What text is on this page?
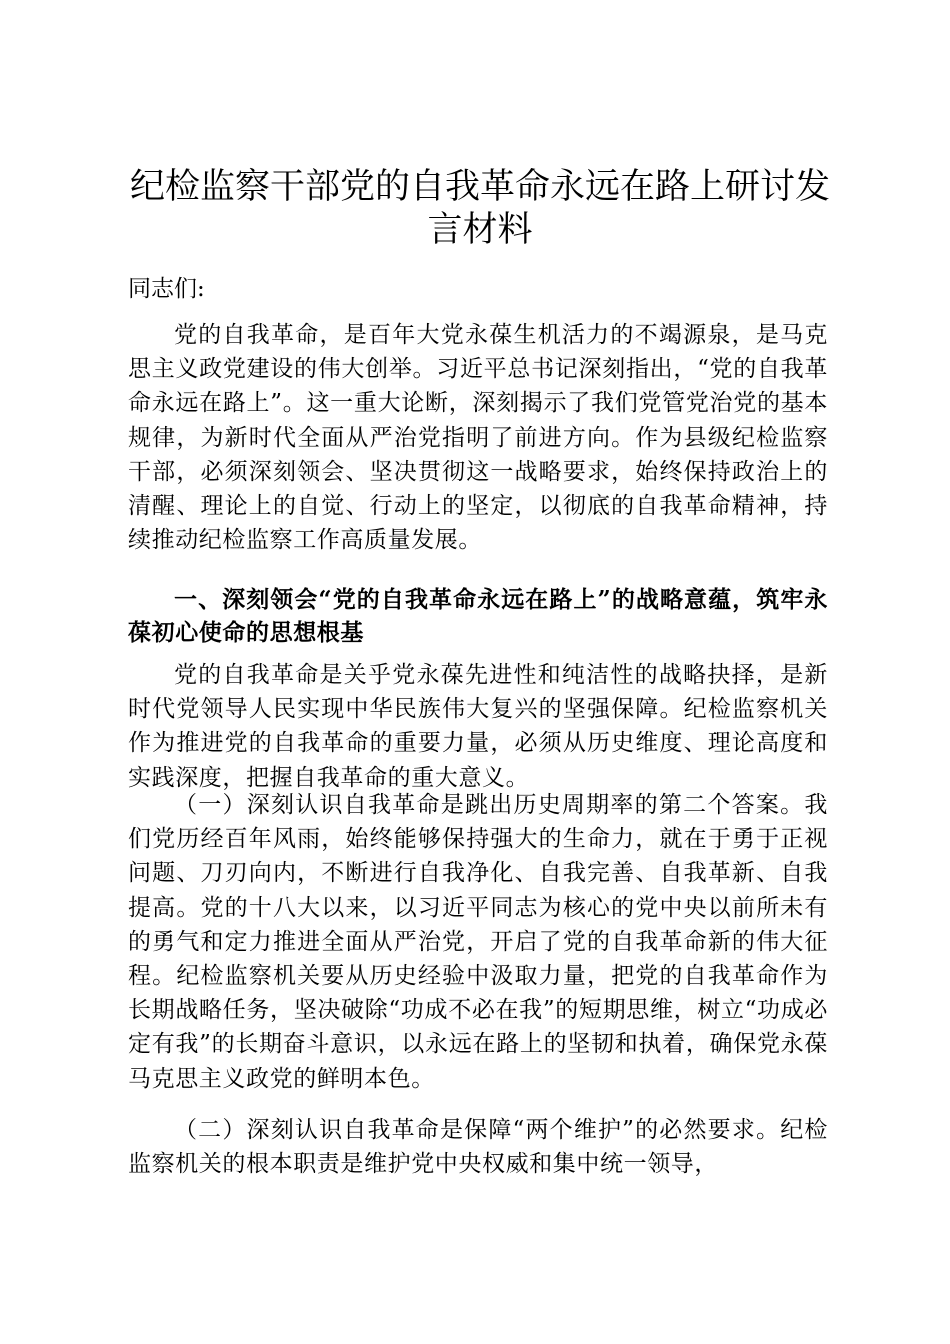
纪检监察干部党的自我革命永远在路上研讨发言材料

同志们:

党的自我革命，是百年大党永葆生机活力的不竭源泉，是马克思主义政党建设的伟大创举。习近平总书记深刻指出，“党的自我革命永远在路上”。这一重大论断，深刻揭示了我们党管党治党的基本规律，为新时代全面从严治党指明了前进方向。作为县级纪检监察干部，必须深刻领会、坚决贯彻这一战略要求，始终保持政治上的清醒、理论上的自觉、行动上的坚定，以彻底的自我革命精神，持续推动纪检监察工作高质量发展。

一、深刻领会“党的自我革命永远在路上”的战略意蕴，筑牢永葆初心使命的思想根基

党的自我革命是关乎党永葆先进性和纯洁性的战略抉择，是新时代党领导人民实现中华民族伟大复兴的坚强保障。纪检监察机关作为推进党的自我革命的重要力量，必须从历史维度、理论高度和实践深度，把握自我革命的重大意义。

（一）深刻认识自我革命是跳出历史周期率的第二个答案。我们党历经百年风雨，始终能够保持强大的生命力，就在于勇于正视问题、刀刃向内，不断进行自我净化、自我完善、自我革新、自我提高。党的十八大以来，以习近平同志为核心的党中央以前所未有的勇气和定力推进全面从严治党，开启了党的自我革命新的伟大征程。纪检监察机关要从历史经验中汲取力量，把党的自我革命作为长期战略任务，坚决破除“功成不必在我”的短期思维，树立“功成必定有我”的长期奋斗意识，以永远在路上的坚韧和执着，确保党永葆马克思主义政党的鲜明本色。

（二）深刻认识自我革命是保障“两个维护”的必然要求。纪检监察机关的根本职责是维护党中央权威和集中统一领导，
